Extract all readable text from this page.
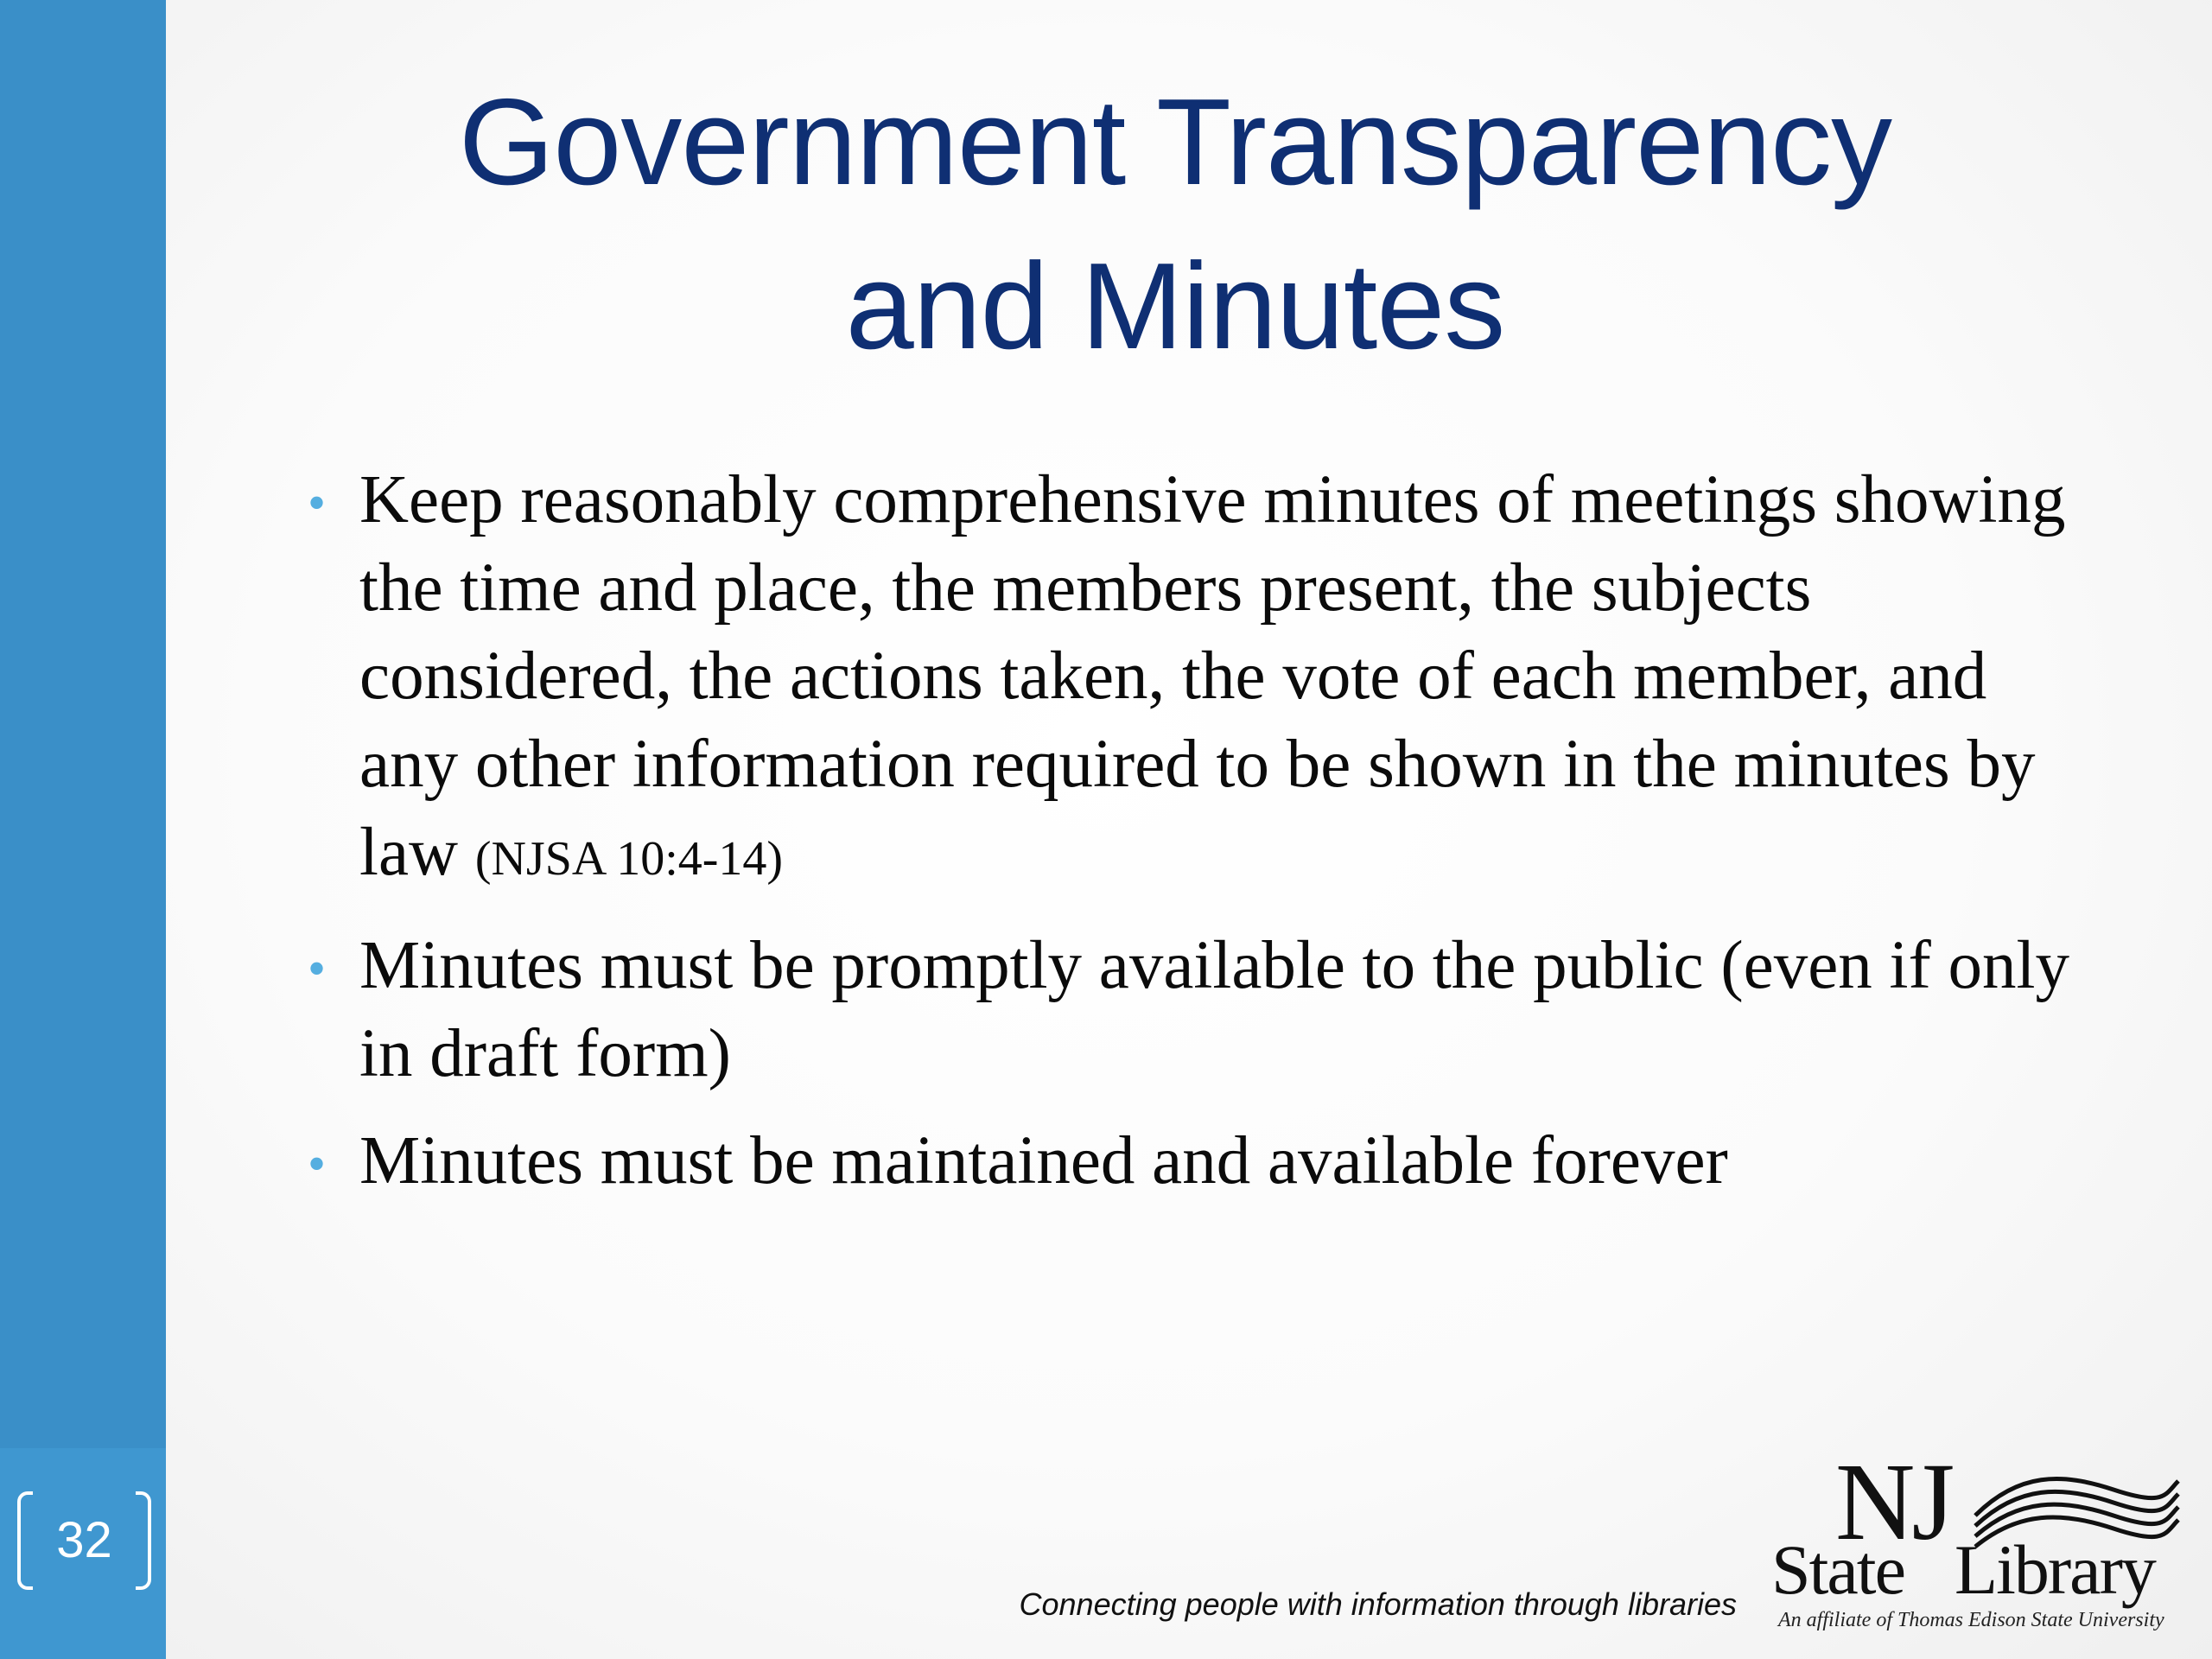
32
Government Transparency
and Minutes
• Keep reasonably comprehensive minutes of meetings showing the time and place, the members present, the subjects considered, the actions taken, the vote of each member, and any other information required to be shown in the minutes by law (NJSA 10:4-14)
• Minutes must be promptly available to the public (even if only in draft form)
• Minutes must be maintained and available forever
Connecting people with information through libraries
NJ
State Library
An affiliate of Thomas Edison State University
